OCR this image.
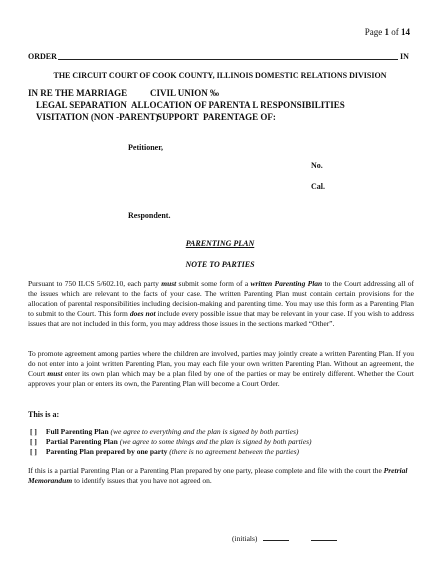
Page 1 of 14
ORDER	IN
THE CIRCUIT COURT OF COOK COUNTY, ILLINOIS DOMESTIC RELATIONS DIVISION
IN RE THE MARRIAGE	CIVIL UNION ‰
LEGAL SEPARATION ALLOCATION OF PARENTA L RESPONSIBILITIES
VISITATION (NON -PARENT)
SUPPORT PARENTAGE OF:
Petitioner,
No.
Cal.
Respondent.
PARENTING PLAN
NOTE TO PARTIES
Pursuant to 750 ILCS 5/602.10, each party must submit some form of a written Parenting Plan to the Court addressing all of the issues which are relevant to the facts of your case. The written Parenting Plan must contain certain provisions for the allocation of parental responsibilities including decision-making and parenting time. You may use this form as a Parenting Plan to submit to the Court. This form does not include every possible issue that may be relevant in your case. If you wish to address issues that are not included in this form, you may address those issues in the sections marked “Other”.
To promote agreement among parties where the children are involved, parties may jointly create a written Parenting Plan. If you do not enter into a joint written Parenting Plan, you may each file your own written Parenting Plan. Without an agreement, the Court must enter its own plan which may be a plan filed by one of the parties or may be entirely different. Whether the Court approves your plan or enters its own, the Parenting Plan will become a Court Order.
This is a:
[ ] Full Parenting Plan (we agree to everything and the plan is signed by both parties)
[ ] Partial Parenting Plan (we agree to some things and the plan is signed by both parties)
[ ] Parenting Plan prepared by one party (there is no agreement between the parties)
If this is a partial Parenting Plan or a Parenting Plan prepared by one party, please complete and file with the court the Pretrial Memorandum to identify issues that you have not agreed on.
(initials)
